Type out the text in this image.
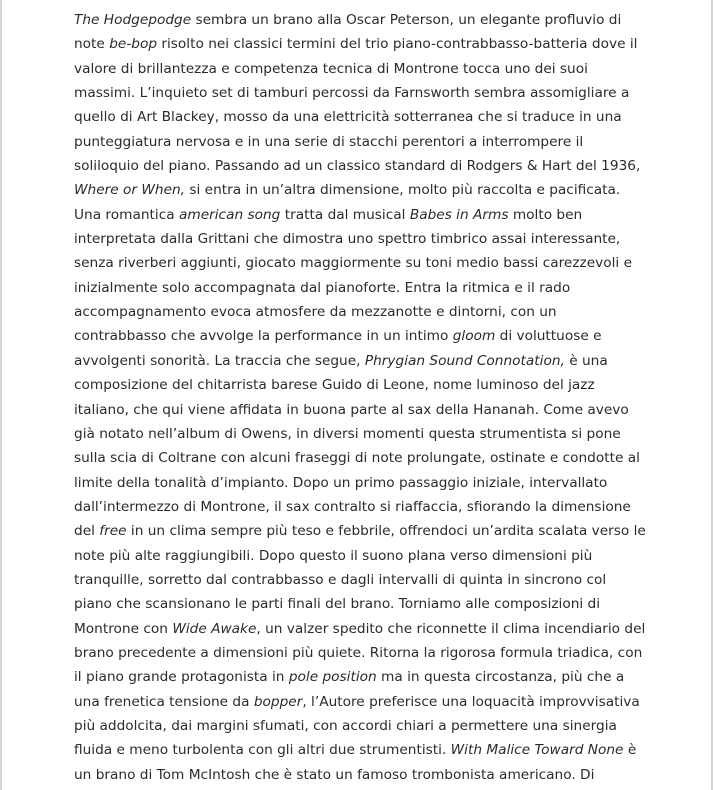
The Hodgepodge sembra un brano alla Oscar Peterson, un elegante profluvio di
note be-bop risolto nei classici termini del trio piano-contrabbasso-batteria dove il
valore di brillantezza e competenza tecnica di Montrone tocca uno dei suoi
massimi. L’inquieto set di tamburi percossi da Farnsworth sembra assomigliare a
quello di Art Blackey, mosso da una elettricità sotterranea che si traduce in una
punteggiatura nervosa e in una serie di stacchi perentori a interrompere il
soliloquio del piano. Passando ad un classico standard di Rodgers & Hart del 1936,
Where or When, si entra in un’altra dimensione, molto più raccolta e pacificata.
Una romantica american song tratta dal musical Babes in Arms molto ben
interpretata dalla Grittani che dimostra uno spettro timbrico assai interessante,
senza riverberi aggiunti, giocato maggiormente su toni medio bassi carezzevoli e
inizialmente solo accompagnata dal pianoforte. Entra la ritmica e il rado
accompagnamento evoca atmosfere da mezzanotte e dintorni, con un
contrabbasso che avvolge la performance in un intimo gloom di voluttuose e
avvolgenti sonorità. La traccia che segue, Phrygian Sound Connotation, è una
composizione del chitarrista barese Guido di Leone, nome luminoso del jazz
italiano, che qui viene affidata in buona parte al sax della Hananah. Come avevo
già notato nell’album di Owens, in diversi momenti questa strumentista si pone
sulla scia di Coltrane con alcuni fraseggi di note prolungate, ostinate e condotte al
limite della tonalità d’impianto. Dopo un primo passaggio iniziale, intervallato
dall’intermezzo di Montrone, il sax contralto si riaffaccia, sfiorando la dimensione
del free in un clima sempre più teso e febbrile, offrendoci un’ardita scalata verso le
note più alte raggiungibili. Dopo questo il suono plana verso dimensioni più
tranquille, sorretto dal contrabbasso e dagli intervalli di quinta in sincrono col
piano che scansionano le parti finali del brano. Torniamo alle composizioni di
Montrone con Wide Awake, un valzer spedito che riconnette il clima incendiario del
brano precedente a dimensioni più quiete. Ritorna la rigorosa formula triadica, con
il piano grande protagonista in pole position ma in questa circostanza, più che a
una frenetica tensione da bopper, l’Autore preferisce una loquacità improvvisativa
più addolcita, dai margini sfumati, con accordi chiari a permettere una sinergia
fluida e meno turbolenta con gli altri due strumentisti. With Malice Toward None è
un brano di Tom McIntosh che è stato un famoso trombonista americano. Di
